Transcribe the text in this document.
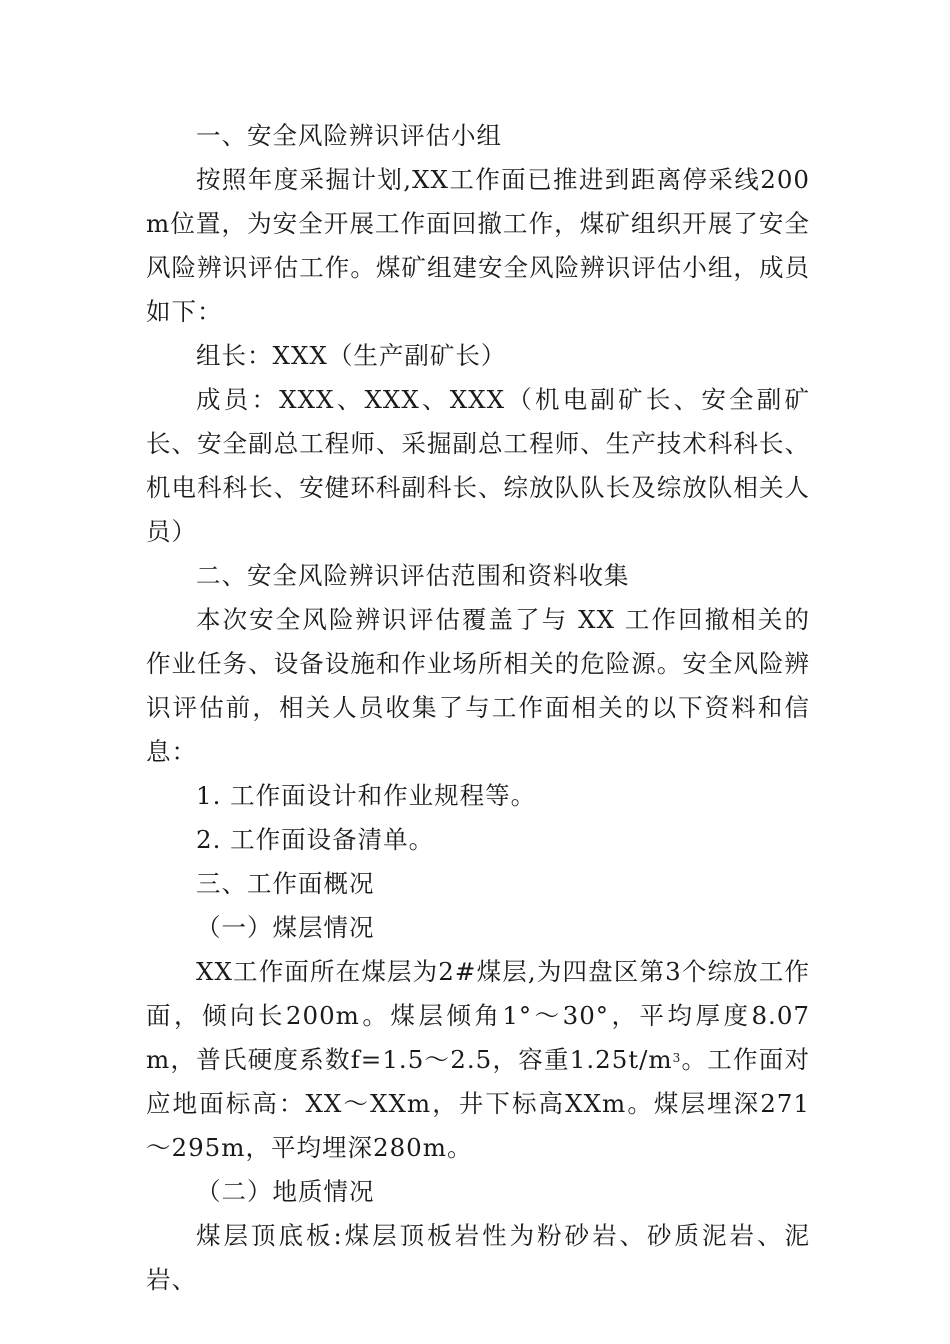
一、安全风险辨识评估小组

按照年度采掘计划,XX工作面已推进到距离停采线200m位置，为安全开展工作面回撤工作，煤矿组织开展了安全风险辨识评估工作。煤矿组建安全风险辨识评估小组，成员如下：

组长：XXX（生产副矿长）

成员：XXX、XXX、XXX（机电副矿长、安全副矿长、安全副总工程师、采掘副总工程师、生产技术科科长、机电科科长、安健环科副科长、综放队队长及综放队相关人员）

二、安全风险辨识评估范围和资料收集

本次安全风险辨识评估覆盖了与 XX 工作回撤相关的作业任务、设备设施和作业场所相关的危险源。安全风险辨识评估前，相关人员收集了与工作面相关的以下资料和信息：

1. 工作面设计和作业规程等。

2. 工作面设备清单。

三、工作面概况

（一）煤层情况

XX工作面所在煤层为2#煤层,为四盘区第3个综放工作面，倾向长200m。煤层倾角1°～30°，平均厚度8.07m，普氏硬度系数f=1.5～2.5，容重$1.25t/m^3$。工作面对应地面标高：XX～XXm，井下标高XXm。煤层埋深271～295m，平均埋深280m。

（二）地质情况

煤层顶底板:煤层顶板岩性为粉砂岩、砂质泥岩、泥岩、
